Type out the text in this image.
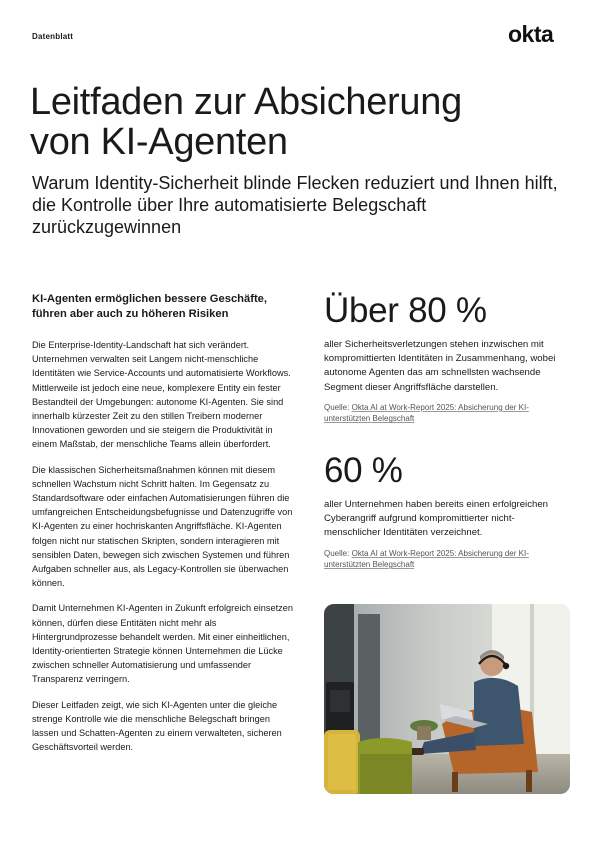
Datenblatt	okta
Leitfaden zur Absicherung
von KI-Agenten

Warum Identity-Sicherheit blinde Flecken reduziert und Ihnen hilft, die Kontrolle über Ihre automatisierte Belegschaft zurückzugewinnen

KI-Agenten ermöglichen bessere Geschäfte, führen aber auch zu höheren Risiken

Die Enterprise-Identity-Landschaft hat sich verändert. Unternehmen verwalten seit Langem nicht-menschliche Identitäten wie Service-Accounts und automatisierte Workflows. Mittlerweile ist jedoch eine neue, komplexere Entity ein fester Bestandteil der Umgebungen: autonome KI-Agenten. Sie sind innerhalb kürzester Zeit zu den stillen Treibern moderner Innovationen geworden und sie steigern die Produktivität in einem Maßstab, der menschliche Teams allein überfordert.

Die klassischen Sicherheitsmaßnahmen können mit diesem schnellen Wachstum nicht Schritt halten. Im Gegensatz zu Standardsoftware oder einfachen Automatisierungen führen die umfangreichen Entscheidungsbefugnisse und Datenzugriffe von KI-Agenten zu einer hochriskanten Angriffsfläche. KI-Agenten folgen nicht nur statischen Skripten, sondern interagieren mit sensiblen Daten, bewegen sich zwischen Systemen und führen Aufgaben schneller aus, als Legacy-Kontrollen sie überwachen können.

Damit Unternehmen KI-Agenten in Zukunft erfolgreich einsetzen können, dürfen diese Entitäten nicht mehr als Hintergrundprozesse behandelt werden. Mit einer einheitlichen, Identity-orientierten Strategie können Unternehmen die Lücke zwischen schneller Automatisierung und umfassender Transparenz verringern.

Dieser Leitfaden zeigt, wie sich KI-Agenten unter die gleiche strenge Kontrolle wie die menschliche Belegschaft bringen lassen und Schatten-Agenten zu einem verwalteten, sicheren Geschäftsvorteil werden.

Über 80 %

aller Sicherheitsverletzungen stehen inzwischen mit kompromittierten Identitäten in Zusammenhang, wobei autonome Agenten das am schnellsten wachsende Segment dieser Angriffsfläche darstellen.

Quelle: Okta AI at Work-Report 2025: Absicherung der KI-unterstützten Belegschaft

60 %

aller Unternehmen haben bereits einen erfolgreichen Cyberangriff aufgrund kompromittierter nicht-menschlicher Identitäten verzeichnet.

Quelle: Okta AI at Work-Report 2025: Absicherung der KI-unterstützten Belegschaft
